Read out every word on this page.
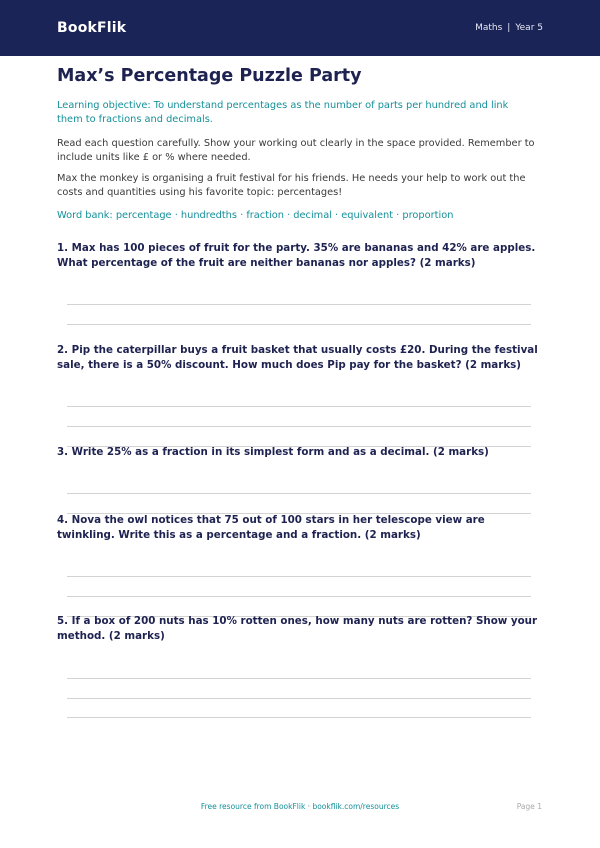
BookFlik	Maths | Year 5
Max’s Percentage Puzzle Party

Learning objective: To understand percentages as the number of parts per hundred and link them to fractions and decimals.

Read each question carefully. Show your working out clearly in the space provided. Remember to include units like £ or % where needed.

Max the monkey is organising a fruit festival for his friends. He needs your help to work out the costs and quantities using his favorite topic: percentages!

Word bank: percentage · hundredths · fraction · decimal · equivalent · proportion

1. Max has 100 pieces of fruit for the party. 35% are bananas and 42% are apples. What percentage of the fruit are neither bananas nor apples? (2 marks)

2. Pip the caterpillar buys a fruit basket that usually costs £20. During the festival sale, there is a 50% discount. How much does Pip pay for the basket? (2 marks)

3. Write 25% as a fraction in its simplest form and as a decimal. (2 marks)

4. Nova the owl notices that 75 out of 100 stars in her telescope view are twinkling. Write this as a percentage and a fraction. (2 marks)

5. If a box of 200 nuts has 10% rotten ones, how many nuts are rotten? Show your method. (2 marks)

Free resource from BookFlik · bookflik.com/resources	Page 1
